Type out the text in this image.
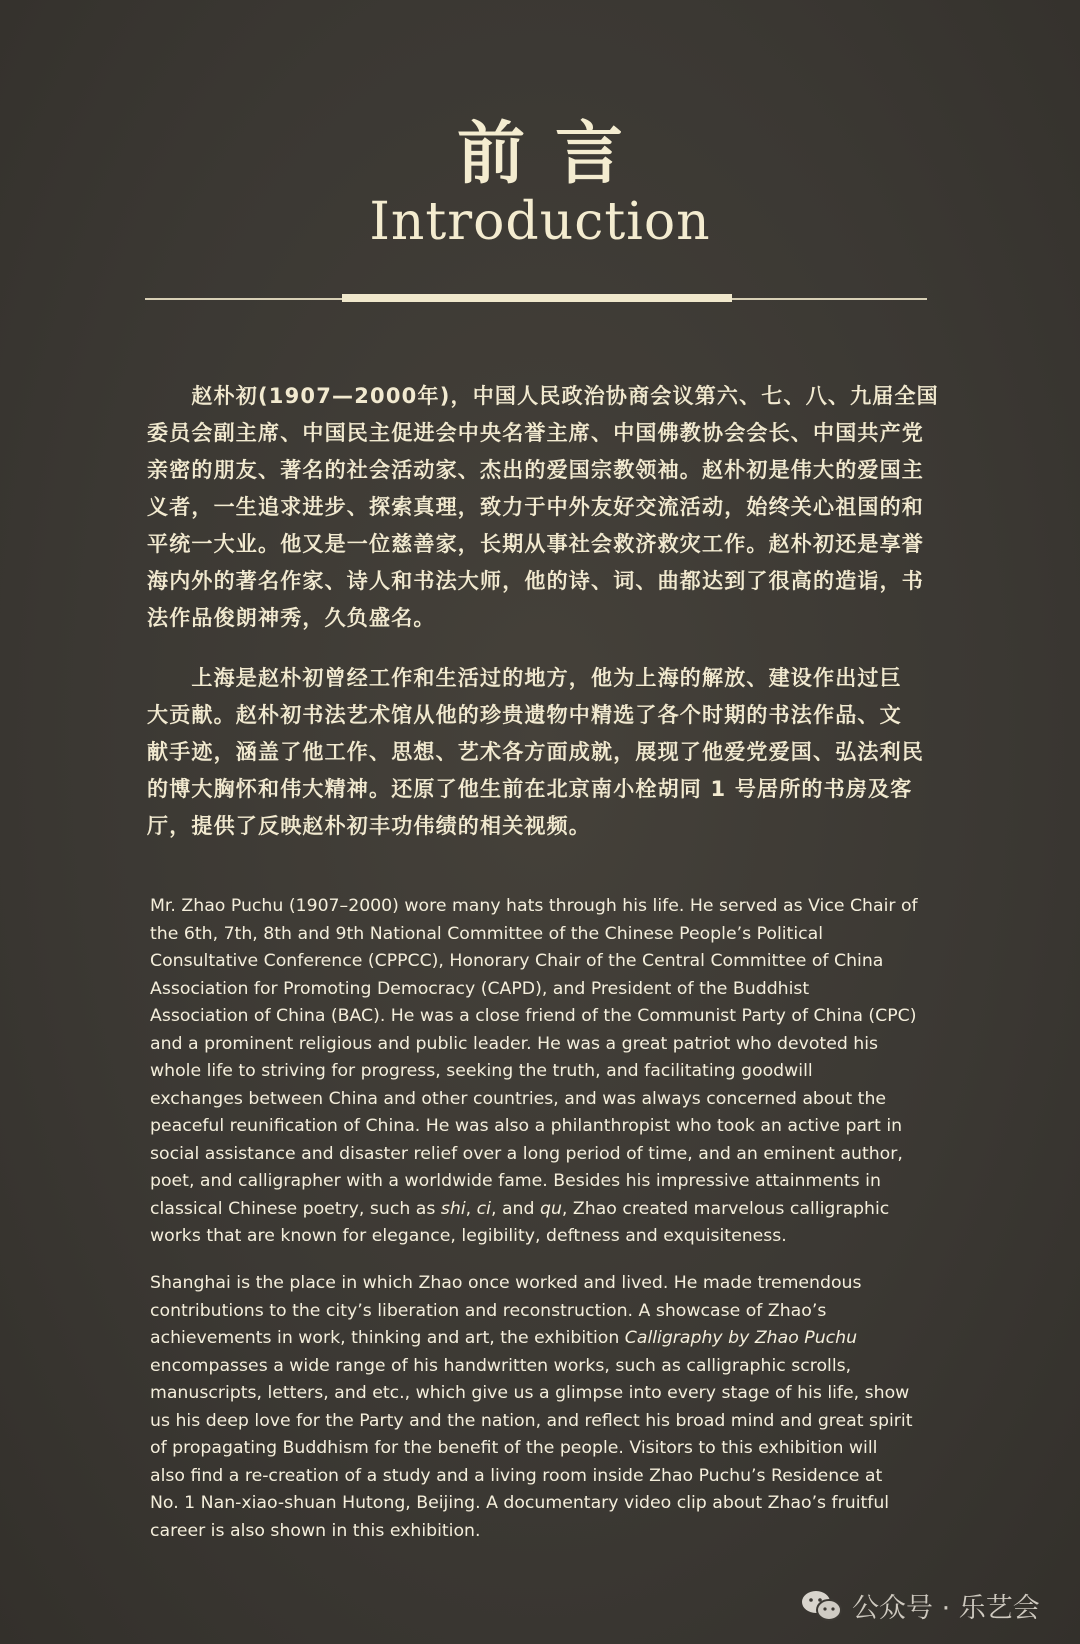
前言
Introduction
　　赵朴初(1907—2000年)，中国人民政治协商会议第六、七、八、九届全国
委员会副主席、中国民主促进会中央名誉主席、中国佛教协会会长、中国共产党
亲密的朋友、著名的社会活动家、杰出的爱国宗教领袖。赵朴初是伟大的爱国主
义者，一生追求进步、探索真理，致力于中外友好交流活动，始终关心祖国的和
平统一大业。他又是一位慈善家，长期从事社会救济救灾工作。赵朴初还是享誉
海内外的著名作家、诗人和书法大师，他的诗、词、曲都达到了很高的造诣，书
法作品俊朗神秀，久负盛名。
　　上海是赵朴初曾经工作和生活过的地方，他为上海的解放、建设作出过巨
大贡献。赵朴初书法艺术馆从他的珍贵遗物中精选了各个时期的书法作品、文
献手迹，涵盖了他工作、思想、艺术各方面成就，展现了他爱党爱国、弘法利民
的博大胸怀和伟大精神。还原了他生前在北京南小栓胡同 1 号居所的书房及客
厅，提供了反映赵朴初丰功伟绩的相关视频。
Mr. Zhao Puchu (1907–2000) wore many hats through his life. He served as Vice Chair of
the 6th, 7th, 8th and 9th National Committee of the Chinese People’s Political
Consultative Conference (CPPCC), Honorary Chair of the Central Committee of China
Association for Promoting Democracy (CAPD), and President of the Buddhist
Association of China (BAC). He was a close friend of the Communist Party of China (CPC)
and a prominent religious and public leader. He was a great patriot who devoted his
whole life to striving for progress, seeking the truth, and facilitating goodwill
exchanges between China and other countries, and was always concerned about the
peaceful reunification of China. He was also a philanthropist who took an active part in
social assistance and disaster relief over a long period of time, and an eminent author,
poet, and calligrapher with a worldwide fame. Besides his impressive attainments in
classical Chinese poetry, such as shi, ci, and qu, Zhao created marvelous calligraphic
works that are known for elegance, legibility, deftness and exquisiteness.
Shanghai is the place in which Zhao once worked and lived. He made tremendous
contributions to the city’s liberation and reconstruction. A showcase of Zhao’s
achievements in work, thinking and art, the exhibition Calligraphy by Zhao Puchu
encompasses a wide range of his handwritten works, such as calligraphic scrolls,
manuscripts, letters, and etc., which give us a glimpse into every stage of his life, show
us his deep love for the Party and the nation, and reflect his broad mind and great spirit
of propagating Buddhism for the benefit of the people. Visitors to this exhibition will
also find a re-creation of a study and a living room inside Zhao Puchu’s Residence at
No. 1 Nan-xiao-shuan Hutong, Beijing. A documentary video clip about Zhao’s fruitful
career is also shown in this exhibition.
公众号 · 乐艺会
